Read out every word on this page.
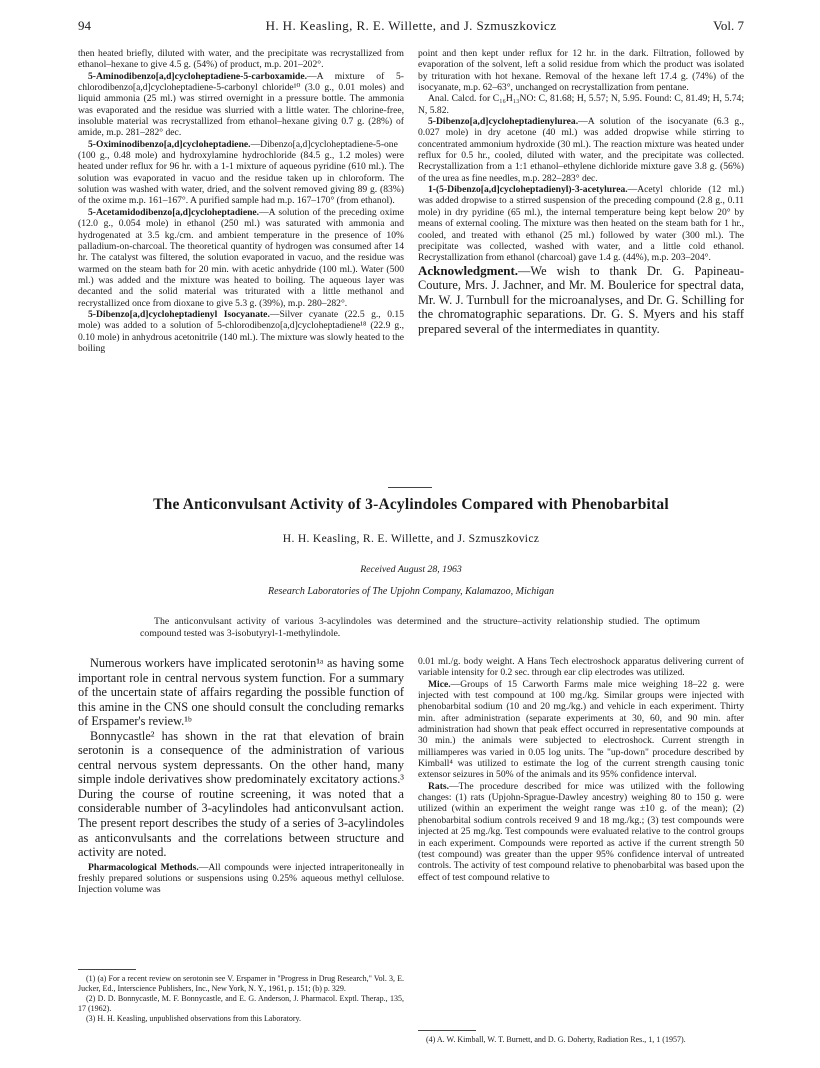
94	H. H. Keasling, R. E. Willette, and J. Szmuszkovicz	Vol. 7

then heated briefly, diluted with water, and the precipitate was recrystallized from ethanol–hexane to give 4.5 g. (54%) of product, m.p. 201–202°.

5-Aminodibenzo[a,d]cycloheptadiene-5-carboxamide.—A mixture of 5-chlorodibenzo[a,d]cycloheptadiene-5-carbonyl chloride¹⁰ (3.0 g., 0.01 moles) and liquid ammonia (25 ml.) was stirred overnight in a pressure bottle. The ammonia was evaporated and the residue was slurried with a little water. The chlorine-free, insoluble material was recrystallized from ethanol–hexane giving 0.7 g. (28%) of amide, m.p. 281–282° dec.

5-Oximinodibenzo[a,d]cycloheptadiene.—Dibenzo[a,d]cycloheptadiene-5-one (100 g., 0.48 mole) and hydroxylamine hydrochloride (84.5 g., 1.2 moles) were heated under reflux for 96 hr. with a 1-1 mixture of aqueous pyridine (610 ml.). The solution was evaporated in vacuo and the residue taken up in chloroform. The solution was washed with water, dried, and the solvent removed giving 89 g. (83%) of the oxime m.p. 161–167°. A purified sample had m.p. 167–170° (from ethanol).

5-Acetamidodibenzo[a,d]cycloheptadiene.—A solution of the preceding oxime (12.0 g., 0.054 mole) in ethanol (250 ml.) was saturated with ammonia and hydrogenated at 3.5 kg./cm. and ambient temperature in the presence of 10% palladium-on-charcoal. The theoretical quantity of hydrogen was consumed after 14 hr. The catalyst was filtered, the solution evaporated in vacuo, and the residue was warmed on the steam bath for 20 min. with acetic anhydride (100 ml.). Water (500 ml.) was added and the mixture was heated to boiling. The aqueous layer was decanted and the solid material was triturated with a little methanol and recrystallized once from dioxane to give 5.3 g. (39%), m.p. 280–282°.

5-Dibenzo[a,d]cycloheptadienyl Isocyanate.—Silver cyanate (22.5 g., 0.15 mole) was added to a solution of 5-chlorodibenzo[a,d]cycloheptadiene¹⁸ (22.9 g., 0.10 mole) in anhydrous acetonitrile (140 ml.). The mixture was slowly heated to the boiling

point and then kept under reflux for 12 hr. in the dark. Filtration, followed by evaporation of the solvent, left a solid residue from which the product was isolated by trituration with hot hexane. Removal of the hexane left 17.4 g. (74%) of the isocyanate, m.p. 62–63°, unchanged on recrystallization from pentane.

Anal. Calcd. for C₁₆H₁₃NO: C, 81.68; H, 5.57; N, 5.95. Found: C, 81.49; H, 5.74; N, 5.82.

5-Dibenzo[a,d]cycloheptadienylurea.—A solution of the isocyanate (6.3 g., 0.027 mole) in dry acetone (40 ml.) was added dropwise while stirring to concentrated ammonium hydroxide (30 ml.). The reaction mixture was heated under reflux for 0.5 hr., cooled, diluted with water, and the precipitate was collected. Recrystallization from a 1:1 ethanol–ethylene dichloride mixture gave 3.8 g. (56%) of the urea as fine needles, m.p. 282–283° dec.

1-(5-Dibenzo[a,d]cycloheptadienyl)-3-acetylurea.—Acetyl chloride (12 ml.) was added dropwise to a stirred suspension of the preceding compound (2.8 g., 0.11 mole) in dry pyridine (65 ml.), the internal temperature being kept below 20° by means of external cooling. The mixture was then heated on the steam bath for 1 hr., cooled, and treated with ethanol (25 ml.) followed by water (300 ml.). The precipitate was collected, washed with water, and a little cold ethanol. Recrystallization from ethanol (charcoal) gave 1.4 g. (44%), m.p. 203–204°.

Acknowledgment.—We wish to thank Dr. G. Papineau-Couture, Mrs. J. Jachner, and Mr. M. Boulerice for spectral data, Mr. W. J. Turnbull for the microanalyses, and Dr. G. Schilling for the chromatographic separations. Dr. G. S. Myers and his staff prepared several of the intermediates in quantity.

The Anticonvulsant Activity of 3-Acylindoles Compared with Phenobarbital
H. H. Keasling, R. E. Willette, and J. Szmuszkovicz
Received August 28, 1963
Research Laboratories of The Upjohn Company, Kalamazoo, Michigan
The anticonvulsant activity of various 3-acylindoles was determined and the structure–activity relationship studied. The optimum compound tested was 3-isobutyryl-1-methylindole.

Numerous workers have implicated serotonin¹ᵃ as having some important role in central nervous system function. For a summary of the uncertain state of affairs regarding the possible function of this amine in the CNS one should consult the concluding remarks of Erspamer's review.¹ᵇ

Bonnycastle² has shown in the rat that elevation of brain serotonin is a consequence of the administration of various central nervous system depressants. On the other hand, many simple indole derivatives show predominately excitatory actions.³ During the course of routine screening, it was noted that a considerable number of 3-acylindoles had anticonvulsant action. The present report describes the study of a series of 3-acylindoles as anticonvulsants and the correlations between structure and activity are noted.

Pharmacological Methods.—All compounds were injected intraperitoneally in freshly prepared solutions or suspensions using 0.25% aqueous methyl cellulose. Injection volume was

(1) (a) For a recent review on serotonin see V. Erspamer in "Progress in Drug Research," Vol. 3, E. Jucker, Ed., Interscience Publishers, Inc., New York, N. Y., 1961, p. 151; (b) p. 329.

(2) D. D. Bonnycastle, M. F. Bonnycastle, and E. G. Anderson, J. Pharmacol. Exptl. Therap., 135, 17 (1962).

(3) H. H. Keasling, unpublished observations from this Laboratory.

0.01 ml./g. body weight. A Hans Tech electroshock apparatus delivering current of variable intensity for 0.2 sec. through ear clip electrodes was utilized.

Mice.—Groups of 15 Carworth Farms male mice weighing 18–22 g. were injected with test compound at 100 mg./kg. Similar groups were injected with phenobarbital sodium (10 and 20 mg./kg.) and vehicle in each experiment. Thirty min. after administration (separate experiments at 30, 60, and 90 min. after administration had shown that peak effect occurred in representative compounds at 30 min.) the animals were subjected to electroshock. Current strength in milliamperes was varied in 0.05 log units. The "up-down" procedure described by Kimball⁴ was utilized to estimate the log of the current strength causing tonic extensor seizures in 50% of the animals and its 95% confidence interval.

Rats.—The procedure described for mice was utilized with the following changes: (1) rats (Upjohn-Sprague-Dawley ancestry) weighing 80 to 150 g. were utilized (within an experiment the weight range was ±10 g. of the mean); (2) phenobarbital sodium controls received 9 and 18 mg./kg.; (3) test compounds were injected at 25 mg./kg. Test compounds were evaluated relative to the control groups in each experiment. Compounds were reported as active if the current strength 50 (test compound) was greater than the upper 95% confidence interval of untreated controls. The activity of test compound relative to phenobarbital was based upon the effect of test compound relative to

(4) A. W. Kimball, W. T. Burnett, and D. G. Doherty, Radiation Res., 1, 1 (1957).
